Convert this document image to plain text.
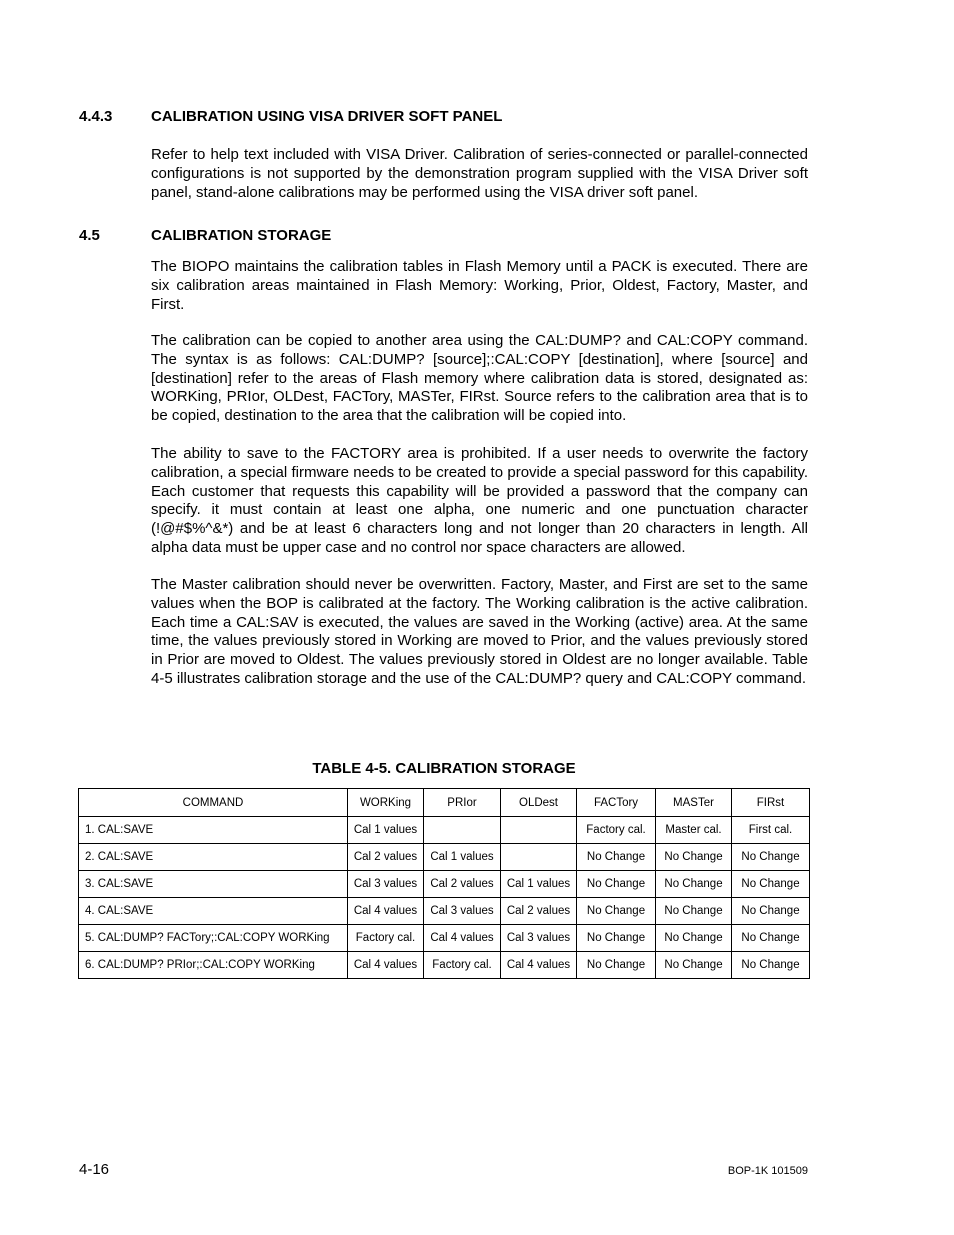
4.4.3	CALIBRATION USING VISA DRIVER SOFT PANEL

Refer to help text included with VISA Driver. Calibration of series-connected or parallel-connected configurations is not supported by the demonstration program supplied with the VISA Driver soft panel, stand-alone calibrations may be performed using the VISA driver soft panel.

4.5	CALIBRATION STORAGE

The BIOPO maintains the calibration tables in Flash Memory until a PACK is executed. There are six calibration areas maintained in Flash Memory: Working, Prior, Oldest, Factory, Master, and First.

The calibration can be copied to another area using the CAL:DUMP? and CAL:COPY command. The syntax is as follows: CAL:DUMP? [source];:CAL:COPY [destination], where [source] and [destination] refer to the areas of Flash memory where calibration data is stored, designated as: WORKing, PRIor, OLDest, FACTory, MASTer, FIRst. Source refers to the calibration area that is to be copied, destination to the area that the calibration will be copied into.

The ability to save to the FACTORY area is prohibited. If a user needs to overwrite the factory calibration, a special firmware needs to be created to provide a special password for this capability. Each customer that requests this capability will be provided a password that the company can specify. it must contain at least one alpha, one numeric and one punctuation character (!@#$%^&*) and be at least 6 characters long and not longer than 20 characters in length. All alpha data must be upper case and no control nor space characters are allowed.

The Master calibration should never be overwritten. Factory, Master, and First are set to the same values when the BOP is calibrated at the factory. The Working calibration is the active calibration. Each time a CAL:SAV is executed, the values are saved in the Working (active) area. At the same time, the values previously stored in Working are moved to Prior, and the values previously stored in Prior are moved to Oldest. The values previously stored in Oldest are no longer available. Table 4-5 illustrates calibration storage and the use of the CAL:DUMP? query and CAL:COPY command.

TABLE 4-5. CALIBRATION STORAGE
COMMAND	WORKing	PRIor	OLDest	FACTory	MASTer	FIRst
1. CAL:SAVE	Cal 1 values			Factory cal.	Master cal.	First cal.
2. CAL:SAVE	Cal 2 values	Cal 1 values		No Change	No Change	No Change
3. CAL:SAVE	Cal 3 values	Cal 2 values	Cal 1 values	No Change	No Change	No Change
4. CAL:SAVE	Cal 4 values	Cal 3 values	Cal 2 values	No Change	No Change	No Change
5. CAL:DUMP? FACTory;:CAL:COPY WORKing	Factory cal.	Cal 4 values	Cal 3 values	No Change	No Change	No Change
6. CAL:DUMP? PRIor;:CAL:COPY WORKing	Cal 4 values	Factory cal.	Cal 4 values	No Change	No Change	No Change
4-16	BOP-1K 101509
